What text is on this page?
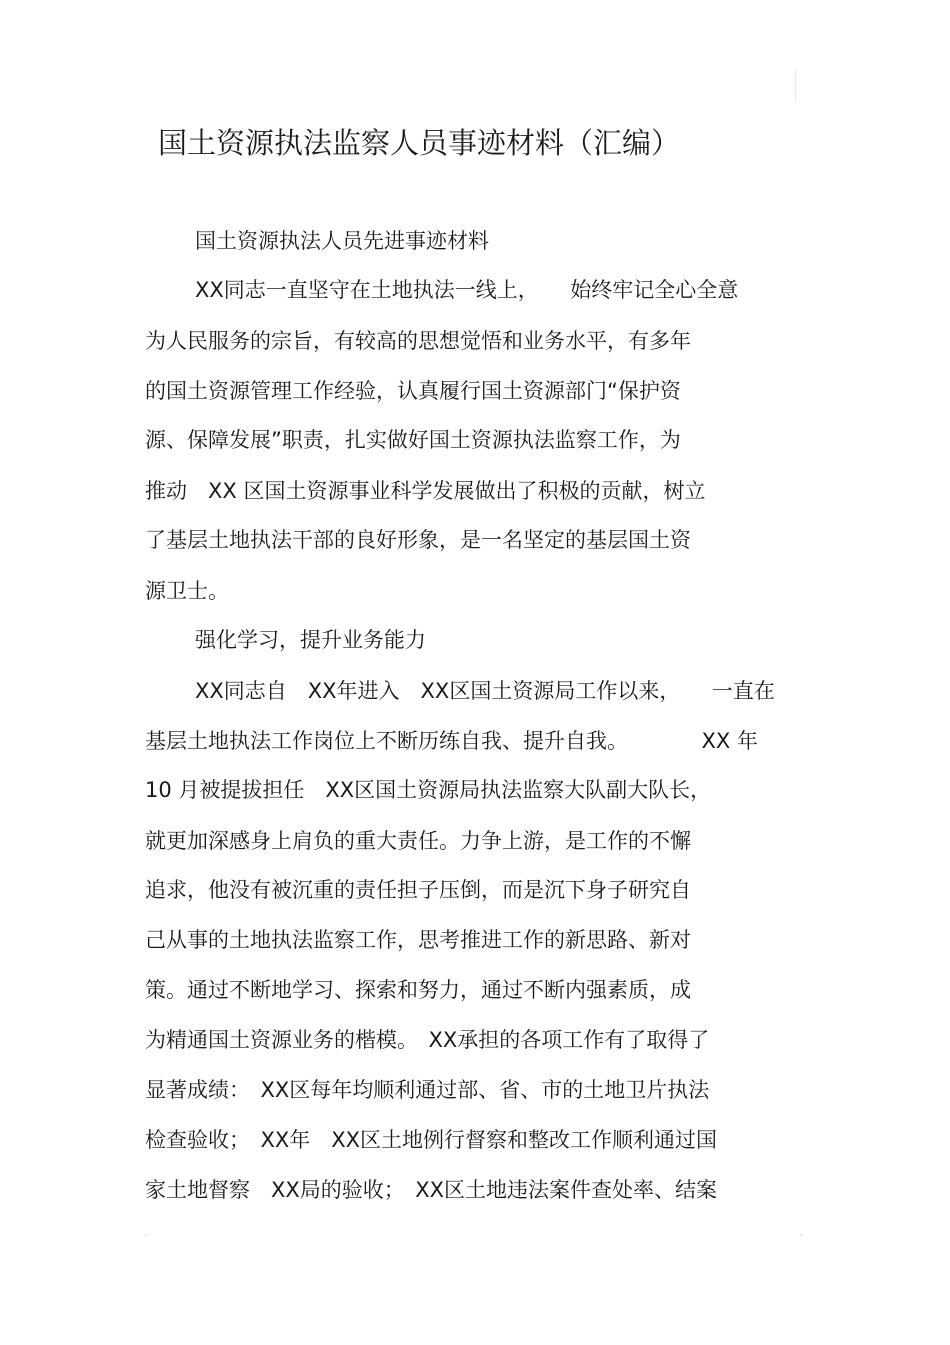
国土资源执法监察人员事迹材料（汇编）

国土资源执法人员先进事迹材料

XX同志一直坚守在土地执法一线上，　　始终牢记全心全意

为人民服务的宗旨，有较高的思想觉悟和业务水平，有多年

的国土资源管理工作经验，认真履行国土资源部门“保护资

源、保障发展”职责，扎实做好国土资源执法监察工作，为

推动　XX 区国土资源事业科学发展做出了积极的贡献，树立

了基层土地执法干部的良好形象，是一名坚定的基层国土资

源卫士。

强化学习，提升业务能力

XX同志自　XX年进入　XX区国土资源局工作以来，　　一直在

基层土地执法工作岗位上不断历练自我、提升自我。　　　　XX 年

10 月被提拔担任　XX区国土资源局执法监察大队副大队长，

就更加深感身上肩负的重大责任。力争上游，是工作的不懈

追求，他没有被沉重的责任担子压倒，而是沉下身子研究自

己从事的土地执法监察工作，思考推进工作的新思路、新对

策。通过不断地学习、探索和努力，通过不断内强素质，成

为精通国土资源业务的楷模。　XX承担的各项工作有了取得了

显著成绩：　XX区每年均顺利通过部、省、市的土地卫片执法

检查验收；　XX年　XX区土地例行督察和整改工作顺利通过国

家土地督察　XX局的验收；　XX区土地违法案件查处率、结案
